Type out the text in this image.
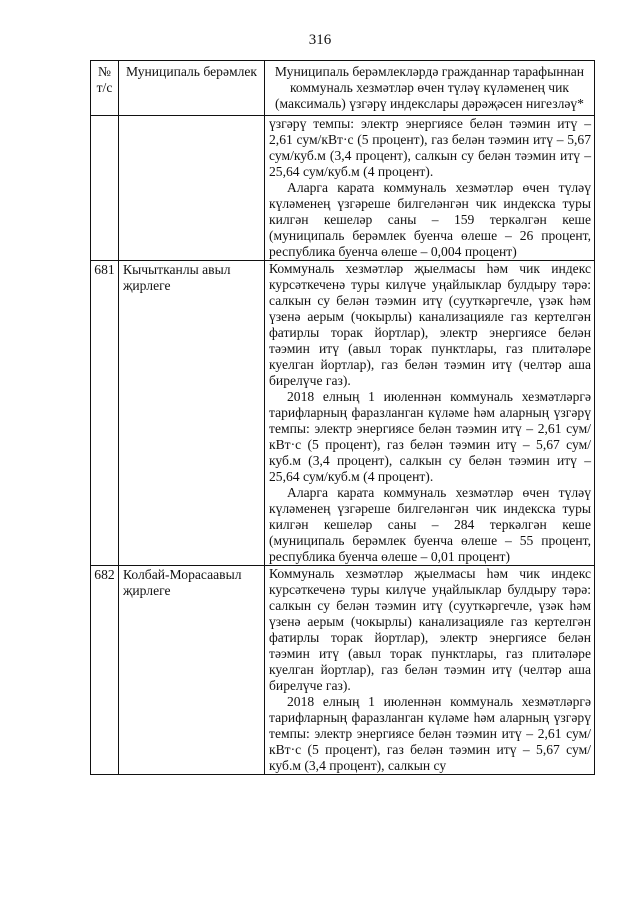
316
№ т/с	Муниципаль берәмлек	Муниципаль берәмлекләрдә гражданнар тарафыннан коммуналь хезмәтләр өчен түләү күләменең чик (максималь) үзгәрү индекслары дәрәҗәсен нигезләү*

		үзгәрү темпы: электр энергиясе белән тәэмин итү – 2,61 сум/кВт·с (5 процент), газ белән тәэмин итү – 5,67 сум/куб.м (3,4 процент), салкын су белән тәэмин итү – 25,64 сум/куб.м (4 процент).

Аларга карата коммуналь хезмәтләр өчен түләү күләменең үзгәреше билгеләнгән чик индекска туры килгән кешеләр саны – 159 теркәлгән кеше (муниципаль берәмлек буенча өлеше – 26 процент, республика буенча өлеше – 0,004 процент)

681	Кычытканлы авыл җирлеге	Коммуналь хезмәтләр җыелмасы һәм чик индекс курсәткеченә туры килүче уңайлыклар булдыру тәрә: салкын су белән тәэмин итү (сууткәргечле, үзәк һәм үзенә аерым (чокырлы) канализацияле газ кертелгән фатирлы торак йортлар), электр энергиясе белән тәэмин итү (авыл торак пунктлары, газ плитәләре куелган йортлар), газ белән тәэмин итү (челтәр аша бирелүче газ).

2018 елның 1 июленнән коммуналь хезмәтләргә тарифларның фаразланган күләме һәм аларның үзгәрү темпы: электр энергиясе белән тәэмин итү – 2,61 сум/кВт·с (5 процент), газ белән тәэмин итү – 5,67 сум/куб.м (3,4 процент), салкын су белән тәэмин итү – 25,64 сум/куб.м (4 процент).

Аларга карата коммуналь хезмәтләр өчен түләү күләменең үзгәреше билгеләнгән чик индекска туры килгән кешеләр саны – 284 теркәлгән кеше (муниципаль берәмлек буенча өлеше – 55 процент, республика буенча өлеше – 0,01 процент)

682	Колбай-Морасаавыл җирлеге	Коммуналь хезмәтләр җыелмасы һәм чик индекс курсәткеченә туры килүче уңайлыклар булдыру тәрә: салкын су белән тәэмин итү (сууткәргечле, үзәк һәм үзенә аерым (чокырлы) канализацияле газ кертелгән фатирлы торак йортлар), электр энергиясе белән тәэмин итү (авыл торак пунктлары, газ плитәләре куелган йортлар), газ белән тәэмин итү (челтәр аша бирелүче газ).

2018 елның 1 июленнән коммуналь хезмәтләргә тарифларның фаразланган күләме һәм аларның үзгәрү темпы: электр энергиясе белән тәэмин итү – 2,61 сум/кВт·с (5 процент), газ белән тәэмин итү – 5,67 сум/куб.м (3,4 процент), салкын су
